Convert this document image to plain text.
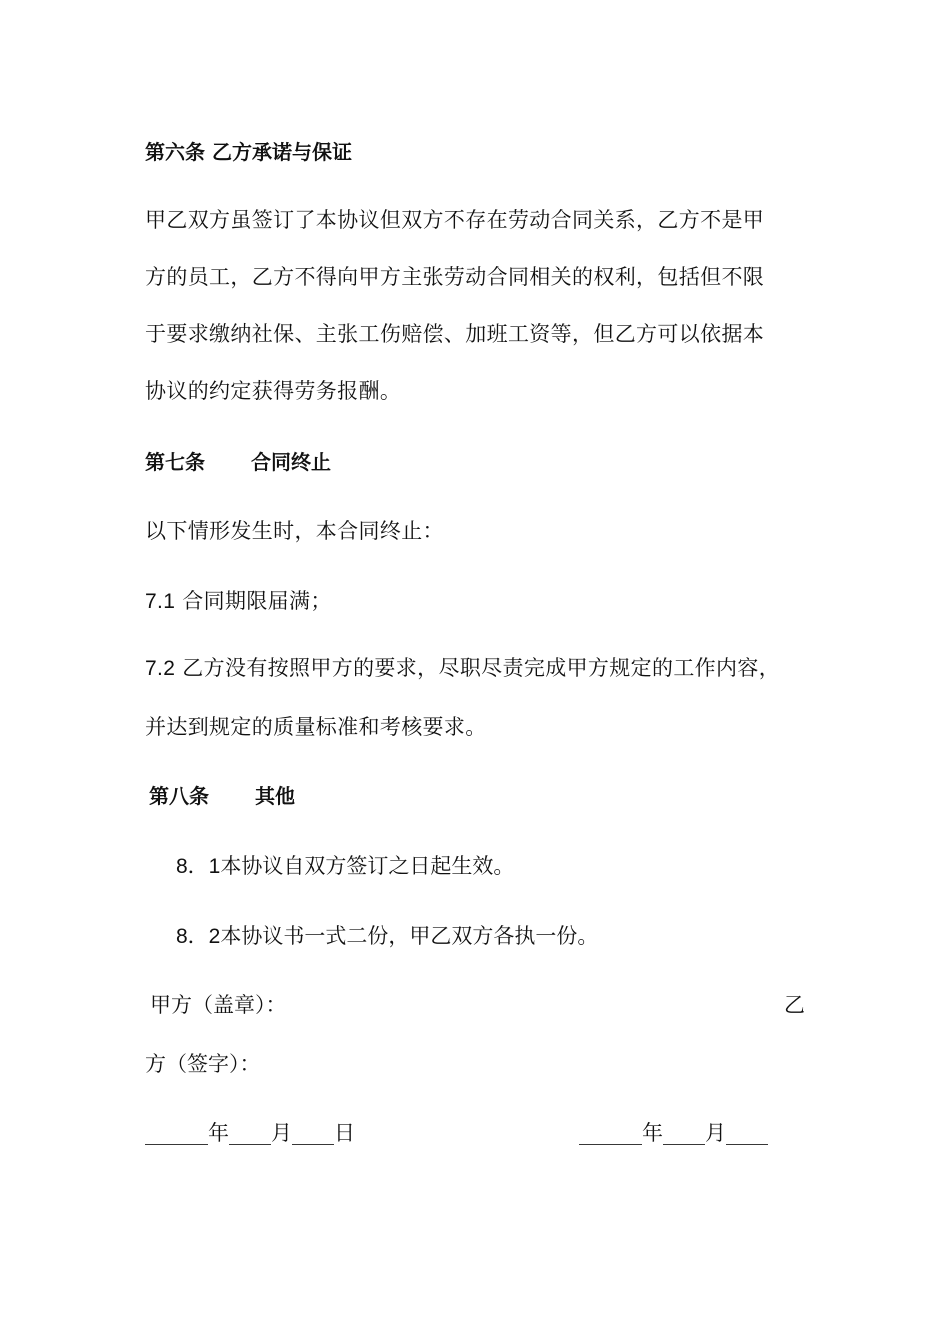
第六条 乙方承诺与保证
甲乙双方虽签订了本协议但双方不存在劳动合同关系，乙方不是甲
方的员工，乙方不得向甲方主张劳动合同相关的权利，包括但不限
于要求缴纳社保、主张工伤赔偿、加班工资等，但乙方可以依据本
协议的约定获得劳务报酬。
第七条 合同终止
以下情形发生时，本合同终止：
7.1 合同期限届满；
7.2 乙方没有按照甲方的要求，尽职尽责完成甲方规定的工作内容，
并达到规定的质量标准和考核要求。
第八条 其他
8．1本协议自双方签订之日起生效。
8．2本协议书一式二份，甲乙双方各执一份。
甲方（盖章）：	乙
方（签字）：
______年____月____日	______年____月____
